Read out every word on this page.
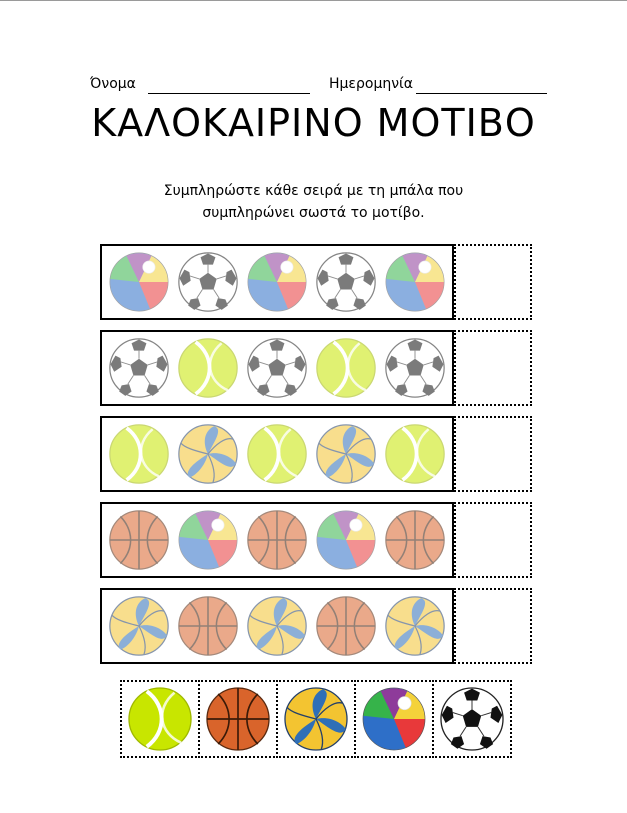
Όνομα	Ημερομηνία
ΚΑΛΟΚΑΙΡΙΝΟ ΜΟΤΙΒΟ
Συμπληρώστε κάθε σειρά με τη μπάλα που
συμπληρώνει σωστά το μοτίβο.
